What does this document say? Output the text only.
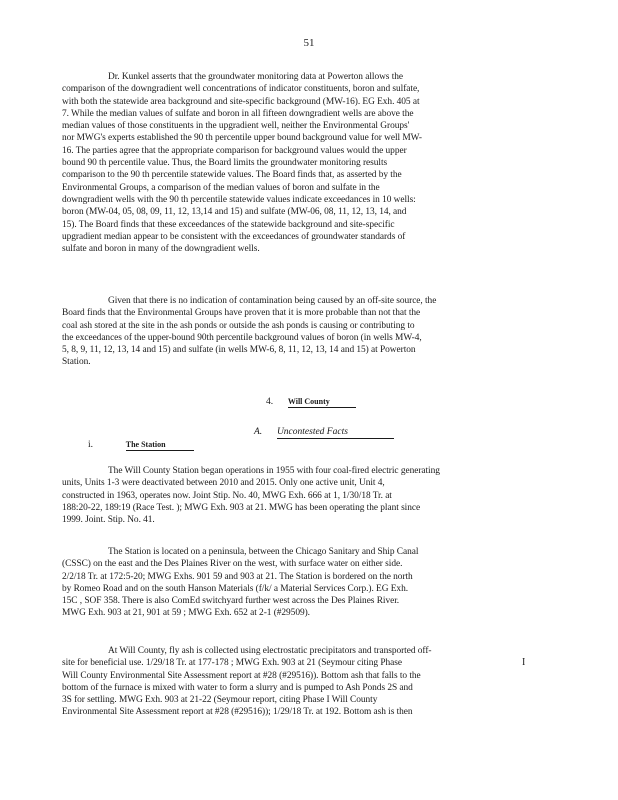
51
Dr. Kunkel asserts that the groundwater monitoring data at Powerton allows the
comparison of the downgradient well concentrations of indicator constituents, boron and sulfate,
with both the statewide area background and site-specific background (MW-16). EG Exh. 405 at
7. While the median values of sulfate and boron in all fifteen downgradient wells are above the
median values of those constituents in the upgradient well, neither the Environmental Groups'
nor MWG's experts established the 90 th percentile upper bound background value for well MW-
16. The parties agree that the appropriate comparison for background values would the upper
bound 90 th percentile value. Thus, the Board limits the groundwater monitoring results
comparison to the 90 th percentile statewide values. The Board finds that, as asserted by the
Environmental Groups, a comparison of the median values of boron and sulfate in the
downgradient wells with the 90 th percentile statewide values indicate exceedances in 10 wells:
boron (MW-04, 05, 08, 09, 11, 12, 13,14 and 15) and sulfate (MW-06, 08, 11, 12, 13, 14, and
15). The Board finds that these exceedances of the statewide background and site-specific
upgradient median appear to be consistent with the exceedances of groundwater standards of
sulfate and boron in many of the downgradient wells.
Given that there is no indication of contamination being caused by an off-site source, the
Board finds that the Environmental Groups have proven that it is more probable than not that the
coal ash stored at the site in the ash ponds or outside the ash ponds is causing or contributing to
the exceedances of the upper-bound 90th percentile background values of boron (in wells MW-4,
5, 8, 9, 11, 12, 13, 14 and 15) and sulfate (in wells MW-6, 8, 11, 12, 13, 14 and 15) at Powerton
Station.
4. Will County
A. Uncontested Facts
i.	The Station
The Will County Station began operations in 1955 with four coal-fired electric generating
units, Units 1-3 were deactivated between 2010 and 2015. Only one active unit, Unit 4,
constructed in 1963, operates now. Joint Stip. No. 40, MWG Exh. 666 at 1, 1/30/18 Tr. at
188:20-22, 189:19 (Race Test. ); MWG Exh. 903 at 21. MWG has been operating the plant since
1999. Joint. Stip. No. 41.
The Station is located on a peninsula, between the Chicago Sanitary and Ship Canal
(CSSC) on the east and the Des Plaines River on the west, with surface water on either side.
2/2/18 Tr. at 172:5-20; MWG Exhs. 901 59 and 903 at 21. The Station is bordered on the north
by Romeo Road and on the south Hanson Materials (f/k/ a Material Services Corp.). EG Exh.
15C , SOF 358. There is also ComEd switchyard further west across the Des Plaines River.
MWG Exh. 903 at 21, 901 at 59 ; MWG Exh. 652 at 2-1 (#29509).
At Will County, fly ash is collected using electrostatic precipitators and transported off-
site for beneficial use. 1/29/18 Tr. at 177-178 ; MWG Exh. 903 at 21 (Seymour citing Phase
Will County Environmental Site Assessment report at #28 (#29516)). Bottom ash that falls to the
bottom of the furnace is mixed with water to form a slurry and is pumped to Ash Ponds 2S and
3S for settling. MWG Exh. 903 at 21-22 (Seymour report, citing Phase I Will County
Environmental Site Assessment report at #28 (#29516)); 1/29/18 Tr. at 192. Bottom ash is then
I
